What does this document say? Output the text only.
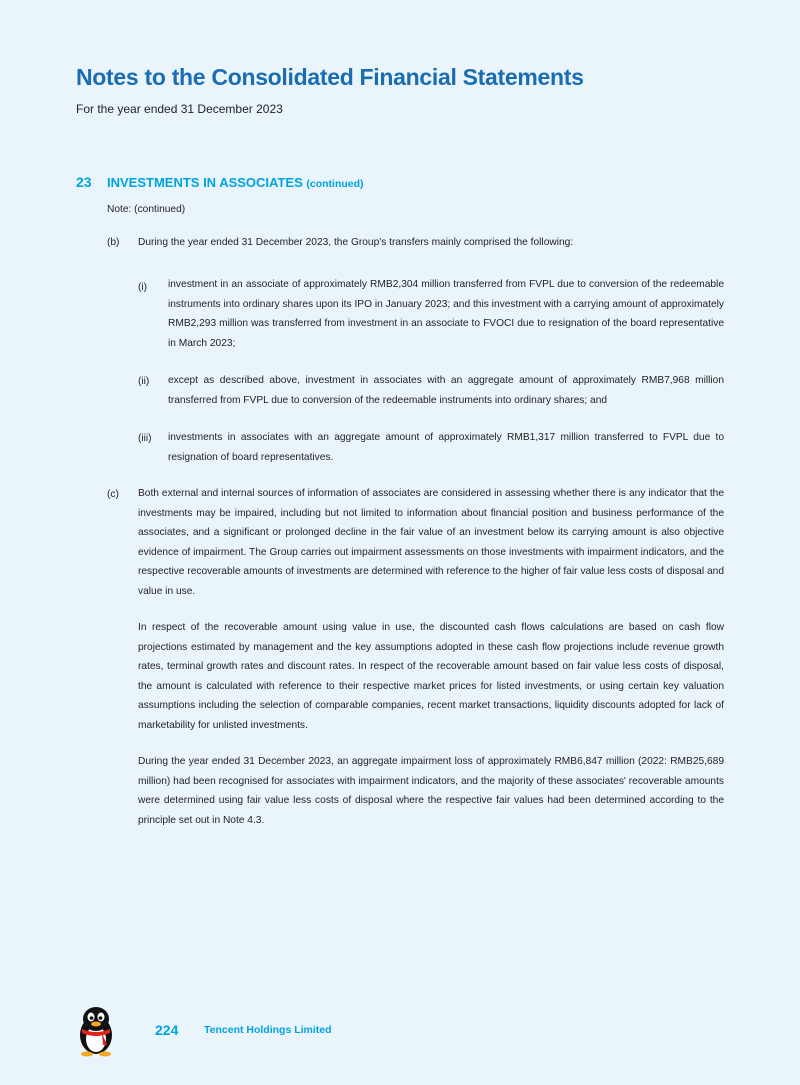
Notes to the Consolidated Financial Statements
For the year ended 31 December 2023
23 INVESTMENTS IN ASSOCIATES (continued)
Note: (continued)
(b) During the year ended 31 December 2023, the Group's transfers mainly comprised the following:
(i) investment in an associate of approximately RMB2,304 million transferred from FVPL due to conversion of the redeemable instruments into ordinary shares upon its IPO in January 2023; and this investment with a carrying amount of approximately RMB2,293 million was transferred from investment in an associate to FVOCI due to resignation of the board representative in March 2023;
(ii) except as described above, investment in associates with an aggregate amount of approximately RMB7,968 million transferred from FVPL due to conversion of the redeemable instruments into ordinary shares; and
(iii) investments in associates with an aggregate amount of approximately RMB1,317 million transferred to FVPL due to resignation of board representatives.
(c) Both external and internal sources of information of associates are considered in assessing whether there is any indicator that the investments may be impaired, including but not limited to information about financial position and business performance of the associates, and a significant or prolonged decline in the fair value of an investment below its carrying amount is also objective evidence of impairment. The Group carries out impairment assessments on those investments with impairment indicators, and the respective recoverable amounts of investments are determined with reference to the higher of fair value less costs of disposal and value in use.
In respect of the recoverable amount using value in use, the discounted cash flows calculations are based on cash flow projections estimated by management and the key assumptions adopted in these cash flow projections include revenue growth rates, terminal growth rates and discount rates. In respect of the recoverable amount based on fair value less costs of disposal, the amount is calculated with reference to their respective market prices for listed investments, or using certain key valuation assumptions including the selection of comparable companies, recent market transactions, liquidity discounts adopted for lack of marketability for unlisted investments.
During the year ended 31 December 2023, an aggregate impairment loss of approximately RMB6,847 million (2022: RMB25,689 million) had been recognised for associates with impairment indicators, and the majority of these associates' recoverable amounts were determined using fair value less costs of disposal where the respective fair values had been determined according to the principle set out in Note 4.3.
224 Tencent Holdings Limited
